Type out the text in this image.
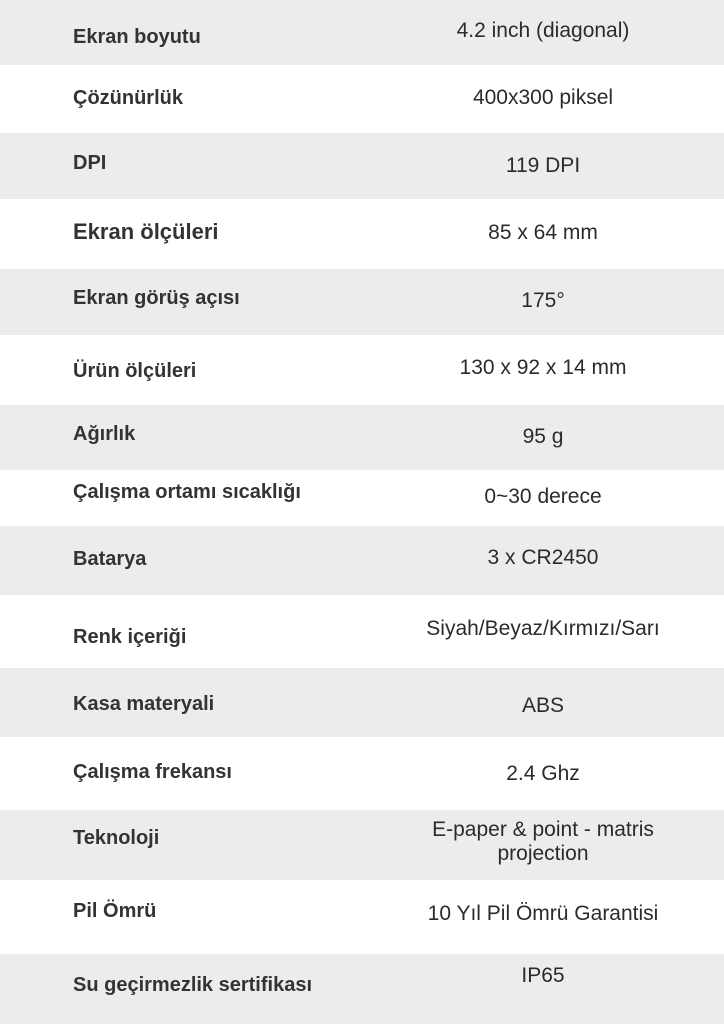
Ekran boyutu	4.2 inch (diagonal)
Çözünürlük	400x300 piksel
DPI	119 DPI
Ekran ölçüleri	85 x 64 mm
Ekran görüş açısı	175°
Ürün ölçüleri	130 x 92 x 14 mm
Ağırlık	95 g
Çalışma ortamı sıcaklığı	0~30 derece
Batarya	3 x CR2450
Renk içeriği	Siyah/Beyaz/Kırmızı/Sarı
Kasa materyali	ABS
Çalışma frekansı	2.4 Ghz
Teknoloji	E-paper & point - matris
projection
Pil Ömrü	10 Yıl Pil Ömrü Garantisi
Su geçirmezlik sertifikası	IP65
